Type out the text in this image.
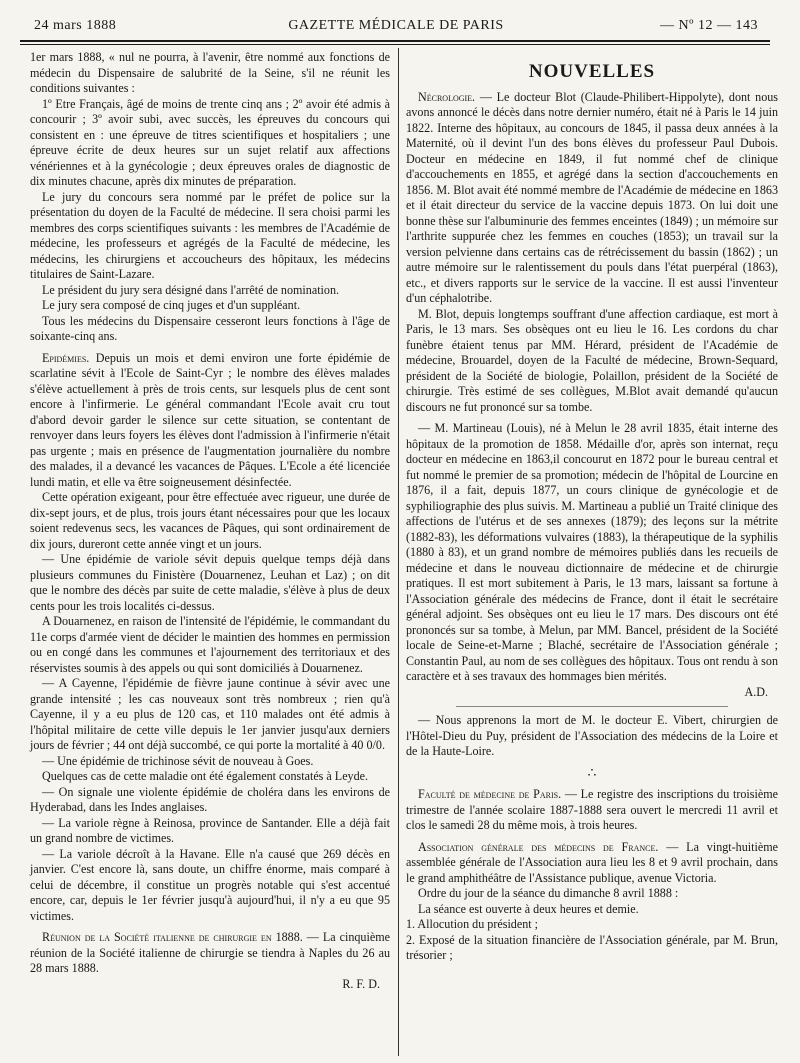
24 mars 1888	GAZETTE MÉDICALE DE PARIS	— Nº 12 — 143

1er mars 1888, « nul ne pourra, à l'avenir, être nommé aux fonctions de médecin du Dispensaire de salubrité de la Seine, s'il ne réunit les conditions suivantes :

1º Etre Français, âgé de moins de trente cinq ans ; 2º avoir été admis à concourir ; 3º avoir subi, avec succès, les épreuves du concours qui consistent en : une épreuve de titres scientifiques et hospitaliers ; une épreuve écrite de deux heures sur un sujet relatif aux affections vénériennes et à la gynécologie ; deux épreuves orales de diagnostic de dix minutes chacune, après dix minutes de préparation.

Le jury du concours sera nommé par le préfet de police sur la présentation du doyen de la Faculté de médecine. Il sera choisi parmi les membres des corps scientifiques suivants : les membres de l'Académie de médecine, les professeurs et agrégés de la Faculté de médecine, les médecins, les chirurgiens et accoucheurs des hôpitaux, les médecins titulaires de Saint-Lazare.

Le président du jury sera désigné dans l'arrêté de nomination.

Le jury sera composé de cinq juges et d'un suppléant.

Tous les médecins du Dispensaire cesseront leurs fonctions à l'âge de soixante-cinq ans.

Epidémies. Depuis un mois et demi environ une forte épidémie de scarlatine sévit à l'Ecole de Saint-Cyr ; le nombre des élèves malades s'élève actuellement à près de trois cents, sur lesquels plus de cent sont encore à l'infirmerie. Le général commandant l'Ecole avait cru tout d'abord devoir garder le silence sur cette situation, se contentant de renvoyer dans leurs foyers les élèves dont l'admission à l'infirmerie n'était pas urgente ; mais en présence de l'augmentation journalière du nombre des malades, il a devancé les vacances de Pâques. L'Ecole a été licenciée lundi matin, et elle va être soigneusement désinfectée.

Cette opération exigeant, pour être effectuée avec rigueur, une durée de dix-sept jours, et de plus, trois jours étant nécessaires pour que les locaux soient redevenus secs, les vacances de Pâques, qui sont ordinairement de dix jours, dureront cette année vingt et un jours.

— Une épidémie de variole sévit depuis quelque temps déjà dans plusieurs communes du Finistère (Douarnenez, Leuhan et Laz) ; on dit que le nombre des décès par suite de cette maladie, s'élève à plus de deux cents pour les trois localités ci-dessus.

A Douarnenez, en raison de l'intensité de l'épidémie, le commandant du 11e corps d'armée vient de décider le maintien des hommes en permission ou en congé dans les communes et l'ajournement des territoriaux et des réservistes soumis à des appels ou qui sont domiciliés à Douarnenez.

— A Cayenne, l'épidémie de fièvre jaune continue à sévir avec une grande intensité ; les cas nouveaux sont très nombreux ; rien qu'à Cayenne, il y a eu plus de 120 cas, et 110 malades ont été admis à l'hôpital militaire de cette ville depuis le 1er janvier jusqu'aux derniers jours de février ; 44 ont déjà succombé, ce qui porte la mortalité à 40 0/0.

— Une épidémie de trichinose sévit de nouveau à Goes.

Quelques cas de cette maladie ont été également constatés à Leyde.

— On signale une violente épidémie de choléra dans les environs de Hyderabad, dans les Indes anglaises.

— La variole règne à Reinosa, province de Santander. Elle a déjà fait un grand nombre de victimes.

— La variole décroît à la Havane. Elle n'a causé que 269 décès en janvier. C'est encore là, sans doute, un chiffre énorme, mais comparé à celui de décembre, il constitue un progrès notable qui s'est accentué encore, car, depuis le 1er février jusqu'à aujourd'hui, il n'y a eu que 95 victimes.

Réunion de la Société italienne de chirurgie en 1888. — La cinquième réunion de la Société italienne de chirurgie se tiendra à Naples du 26 au 28 mars 1888.
R. F. D.

NOUVELLES

Nécrologie. — Le docteur Blot (Claude-Philibert-Hippolyte), dont nous avons annoncé le décès dans notre dernier numéro, était né à Paris le 14 juin 1822. Interne des hôpitaux, au concours de 1845, il passa deux années à la Maternité, où il devint l'un des bons élèves du professeur Paul Dubois. Docteur en médecine en 1849, il fut nommé chef de clinique d'accouchements en 1855, et agrégé dans la section d'accouchements en 1856. M. Blot avait été nommé membre de l'Académie de médecine en 1863 et il était directeur du service de la vaccine depuis 1873. On lui doit une bonne thèse sur l'albuminurie des femmes enceintes (1849) ; un mémoire sur l'arthrite suppurée chez les femmes en couches (1853); un travail sur la version pelvienne dans certains cas de rétrécissement du bassin (1862) ; un autre mémoire sur le ralentissement du pouls dans l'état puerpéral (1863), etc., et divers rapports sur le service de la vaccine. Il est aussi l'inventeur d'un céphalotribe.

M. Blot, depuis longtemps souffrant d'une affection cardiaque, est mort à Paris, le 13 mars. Ses obsèques ont eu lieu le 16. Les cordons du char funèbre étaient tenus par MM. Hérard, président de l'Académie de médecine, Brouardel, doyen de la Faculté de médecine, Brown-Sequard, président de la Société de biologie, Polaillon, président de la Société de chirurgie. Très estimé de ses collègues, M.Blot avait demandé qu'aucun discours ne fut prononcé sur sa tombe.

— M. Martineau (Louis), né à Melun le 28 avril 1835, était interne des hôpitaux de la promotion de 1858. Médaille d'or, après son internat, reçu docteur en médecine en 1863,il concourut en 1872 pour le bureau central et fut nommé le premier de sa promotion; médecin de l'hôpital de Lourcine en 1876, il a fait, depuis 1877, un cours clinique de gynécologie et de syphiliographie des plus suivis. M. Martineau a publié un Traité clinique des affections de l'utérus et de ses annexes (1879); des leçons sur la métrite (1882-83), les déformations vulvaires (1883), la thérapeutique de la syphilis (1880 à 83), et un grand nombre de mémoires publiés dans les recueils de médecine et dans le nouveau dictionnaire de médecine et de chirurgie pratiques. Il est mort subitement à Paris, le 13 mars, laissant sa fortune à l'Association générale des médecins de France, dont il était le secrétaire général adjoint. Ses obsèques ont eu lieu le 17 mars. Des discours ont été prononcés sur sa tombe, à Melun, par MM. Bancel, président de la Société locale de Seine-et-Marne ; Blaché, secrétaire de l'Association générale ; Constantin Paul, au nom de ses collègues des hôpitaux. Tous ont rendu à son caractère et à ses travaux des hommages bien mérités.

A.D.

— Nous apprenons la mort de M. le docteur E. Vibert, chirurgien de l'Hôtel-Dieu du Puy, président de l'Association des médecins de la Loire et de la Haute-Loire.

∴

Faculté de médecine de Paris. — Le registre des inscriptions du troisième trimestre de l'année scolaire 1887-1888 sera ouvert le mercredi 11 avril et clos le samedi 28 du même mois, à trois heures.

Association générale des médecins de France. — La vingt-huitième assemblée générale de l'Association aura lieu les 8 et 9 avril prochain, dans le grand amphithéâtre de l'Assistance publique, avenue Victoria.

Ordre du jour de la séance du dimanche 8 avril 1888 :

La séance est ouverte à deux heures et demie.

1. Allocution du président ;

2. Exposé de la situation financière de l'Association générale, par M. Brun, trésorier ;
